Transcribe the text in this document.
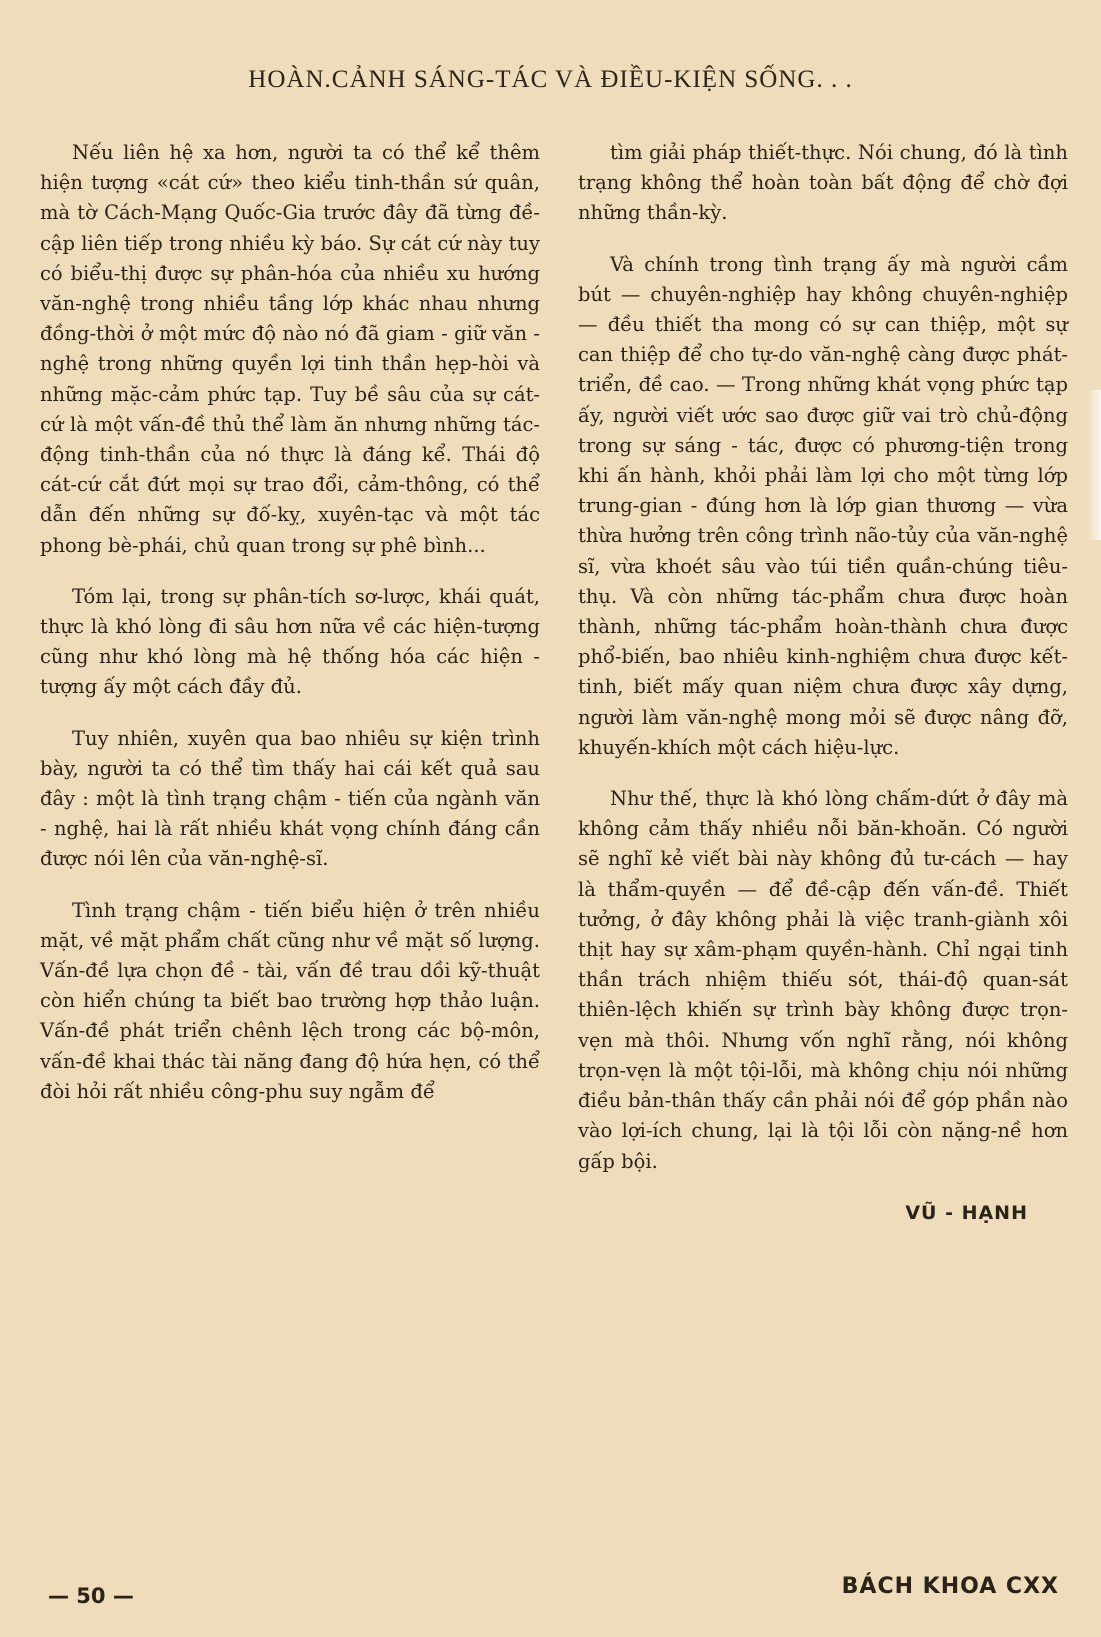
HOÀN.CẢNH SÁNG-TÁC VÀ ĐIỀU-KIỆN SỐNG. . .

Nếu liên hệ xa hơn, người ta có thể kể thêm hiện tượng «cát cứ» theo kiểu tinh-thần sứ quân, mà tờ Cách-Mạng Quốc-Gia trước đây đã từng đề-cập liên tiếp trong nhiều kỳ báo. Sự cát cứ này tuy có biểu-thị được sự phân-hóa của nhiều xu hướng văn-nghệ trong nhiều tầng lớp khác nhau nhưng đồng-thời ở một mức độ nào nó đã giam - giữ văn - nghệ trong những quyền lợi tinh thần hẹp-hòi và những mặc-cảm phức tạp. Tuy bề sâu của sự cát-cứ là một vấn-đề thủ thể làm ăn nhưng những tác-động tinh-thần của nó thực là đáng kể. Thái độ cát-cứ cắt đứt mọi sự trao đổi, cảm-thông, có thể dẫn đến những sự đố-kỵ, xuyên-tạc và một tác phong bè-phái, chủ quan trong sự phê bình...

Tóm lại, trong sự phân-tích sơ-lược, khái quát, thực là khó lòng đi sâu hơn nữa về các hiện-tượng cũng như khó lòng mà hệ thống hóa các hiện - tượng ấy một cách đầy đủ.

Tuy nhiên, xuyên qua bao nhiêu sự kiện trình bày, người ta có thể tìm thấy hai cái kết quả sau đây : một là tình trạng chậm - tiến của ngành văn - nghệ, hai là rất nhiều khát vọng chính đáng cần được nói lên của văn-nghệ-sĩ.

Tình trạng chậm - tiến biểu hiện ở trên nhiều mặt, về mặt phẩm chất cũng như về mặt số lượng. Vấn-đề lựa chọn đề - tài, vấn đề trau dồi kỹ-thuật còn hiển chúng ta biết bao trường hợp thảo luận. Vấn-đề phát triển chênh lệch trong các bộ-môn, vấn-đề khai thác tài năng đang độ hứa hẹn, có thể đòi hỏi rất nhiều công-phu suy ngẫm để

tìm giải pháp thiết-thực. Nói chung, đó là tình trạng không thể hoàn toàn bất động để chờ đợi những thần-kỳ.

Và chính trong tình trạng ấy mà người cầm bút — chuyên-nghiệp hay không chuyên-nghiệp — đều thiết tha mong có sự can thiệp, một sự can thiệp để cho tự-do văn-nghệ càng được phát-triển, đề cao. — Trong những khát vọng phức tạp ấy, người viết ước sao được giữ vai trò chủ-động trong sự sáng - tác, được có phương-tiện trong khi ấn hành, khỏi phải làm lợi cho một từng lớp trung-gian - đúng hơn là lớp gian thương — vừa thừa hưởng trên công trình não-tủy của văn-nghệ sĩ, vừa khoét sâu vào túi tiền quần-chúng tiêu-thụ. Và còn những tác-phẩm chưa được hoàn thành, những tác-phẩm hoàn-thành chưa được phổ-biến, bao nhiêu kinh-nghiệm chưa được kết-tinh, biết mấy quan niệm chưa được xây dựng, người làm văn-nghệ mong mỏi sẽ được nâng đỡ, khuyến-khích một cách hiệu-lực.

Như thế, thực là khó lòng chấm-dứt ở đây mà không cảm thấy nhiều nỗi băn-khoăn. Có người sẽ nghĩ kẻ viết bài này không đủ tư-cách — hay là thẩm-quyền — để đề-cập đến vấn-đề. Thiết tưởng, ở đây không phải là việc tranh-giành xôi thịt hay sự xâm-phạm quyền-hành. Chỉ ngại tinh thần trách nhiệm thiếu sót, thái-độ quan-sát thiên-lệch khiến sự trình bày không được trọn-vẹn mà thôi. Nhưng vốn nghĩ rằng, nói không trọn-vẹn là một tội-lỗi, mà không chịu nói những điều bản-thân thấy cần phải nói để góp phần nào vào lợi-ích chung, lại là tội lỗi còn nặng-nề hơn gấp bội.

VŨ - HẠNH
— 50 —	BÁCH KHOA CXX
